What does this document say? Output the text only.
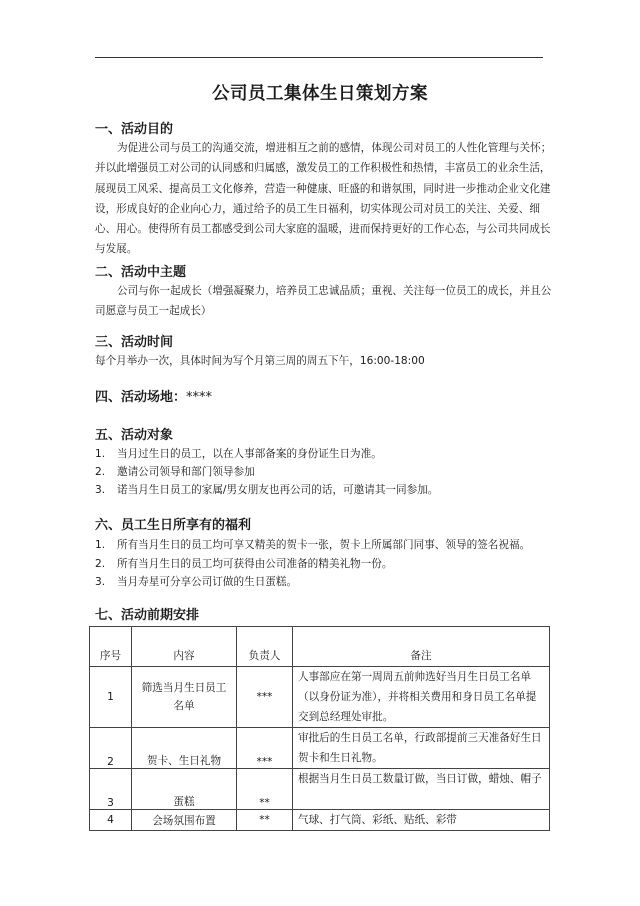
公司员工集体生日策划方案
一、活动目的
为促进公司与员工的沟通交流，增进相互之前的感情，体现公司对员工的人性化管理与关怀；并以此增强员工对公司的认同感和归属感，激发员工的工作积极性和热情，丰富员工的业余生活，展现员工风采、提高员工文化修养，营造一种健康、旺盛的和谐氛围，同时进一步推动企业文化建设，形成良好的企业向心力，通过给予的员工生日福利，切实体现公司对员工的关注、关爱、细心、用心。使得所有员工都感受到公司大家庭的温暖，进而保持更好的工作心态，与公司共同成长与发展。
二、活动中主题
公司与你一起成长（增强凝聚力，培养员工忠诚品质；重视、关注每一位员工的成长，并且公司愿意与员工一起成长）
三、活动时间
每个月举办一次，具体时间为写个月第三周的周五下午，16:00-18:00
四、活动场地：****
五、活动对象
1. 当月过生日的员工，以在人事部备案的身份证生日为准。
2. 邀请公司领导和部门领导参加
3. 诺当月生日员工的家属/男女朋友也再公司的话，可邀请其一同参加。
六、员工生日所享有的福利
1. 所有当月生日的员工均可享又精美的贺卡一张，贺卡上所属部门同事、领导的签名祝福。
2. 所有当月生日的员工均可获得由公司准备的精美礼物一份。
3. 当月寿星可分享公司订做的生日蛋糕。
七、活动前期安排
序号	内容	负责人	备注
1	筛选当月生日员工名单	***	人事部应在第一周周五前帅选好当月生日员工名单（以身份证为准），并将相关费用和身日员工名单提交到总经理处审批。
2	贺卡、生日礼物	***	审批后的生日员工名单，行政部提前三天准备好生日贺卡和生日礼物。
3	蛋糕	**	根据当月生日员工数量订做，当日订做，蜡烛、帽子
4	会场氛围布置	**	气球、打气筒、彩纸、贴纸、彩带
